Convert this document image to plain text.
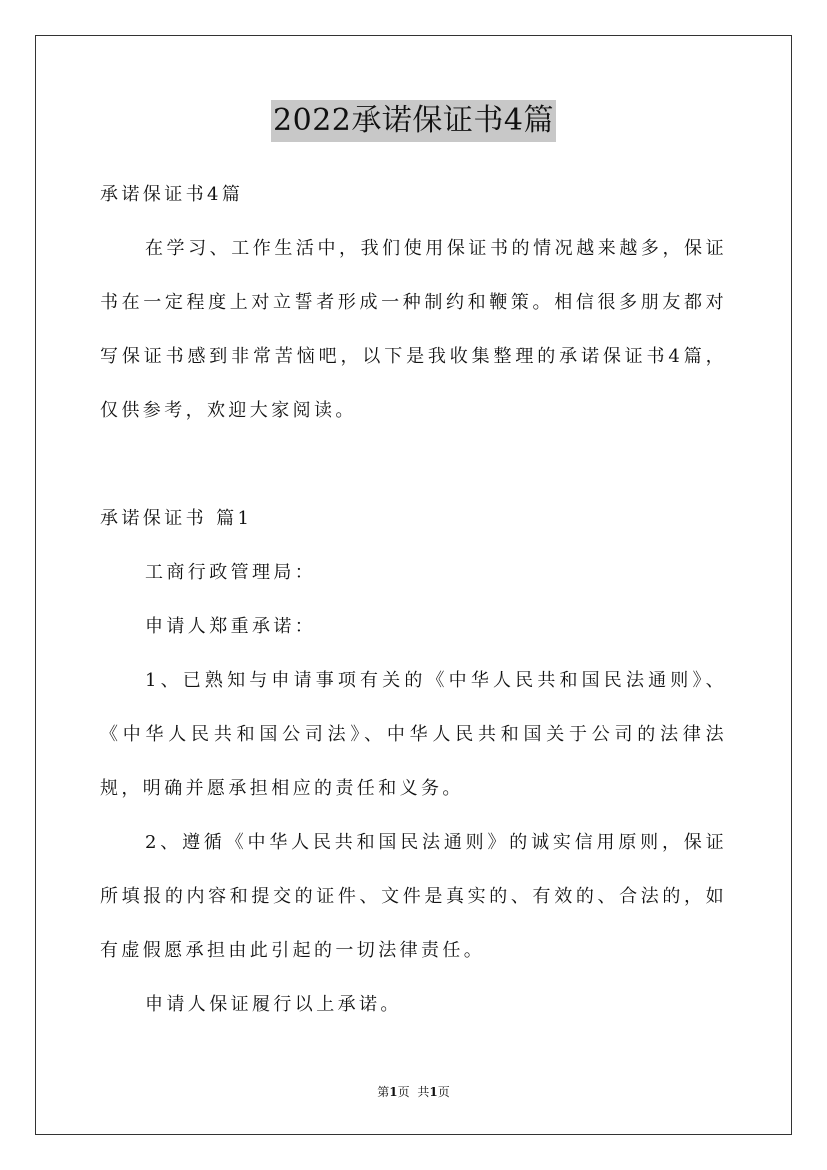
2022承诺保证书4篇

承诺保证书4篇

在学习、工作生活中，我们使用保证书的情况越来越多，保证书在一定程度上对立誓者形成一种制约和鞭策。相信很多朋友都对写保证书感到非常苦恼吧，以下是我收集整理的承诺保证书4篇，仅供参考，欢迎大家阅读。

承诺保证书 篇1

工商行政管理局：

申请人郑重承诺：

1、已熟知与申请事项有关的《中华人民共和国民法通则》、《中华人民共和国公司法》、中华人民共和国关于公司的法律法规，明确并愿承担相应的责任和义务。

2、遵循《中华人民共和国民法通则》的诚实信用原则，保证所填报的内容和提交的证件、文件是真实的、有效的、合法的，如有虚假愿承担由此引起的一切法律责任。

申请人保证履行以上承诺。

第1页 共1页
